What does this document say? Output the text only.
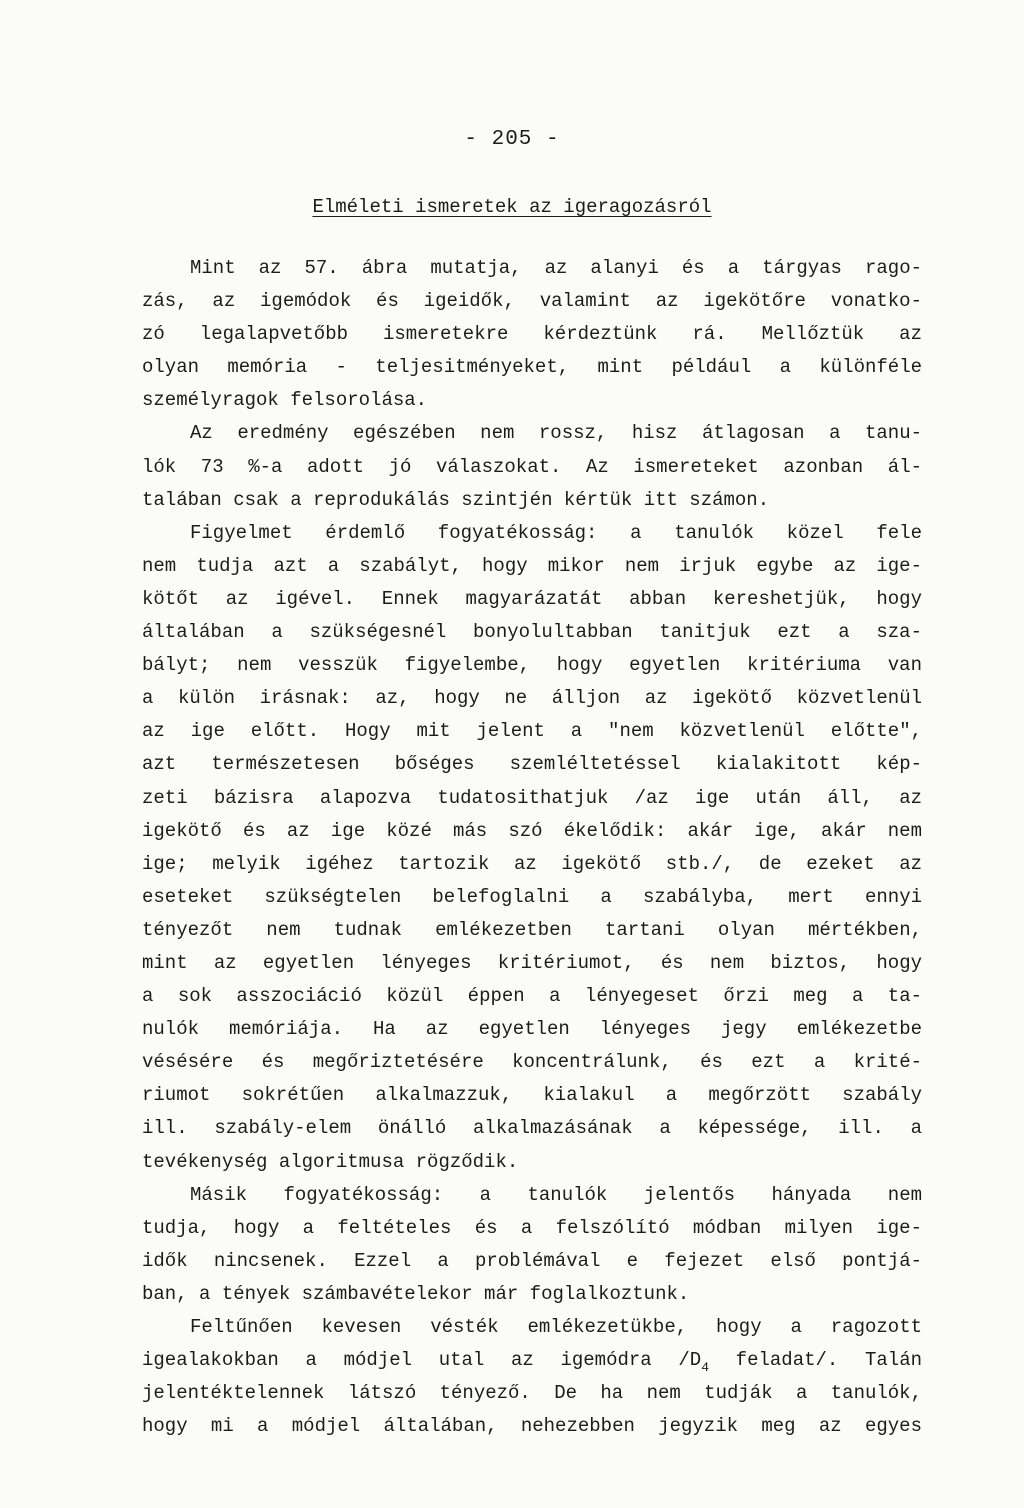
- 205 -
Elméleti ismeretek az igeragozásról
Mint az 57. ábra mutatja, az alanyi és a tárgyas rago-
zás, az igemódok és igeidők, valamint az igekötőre vonatko-
zó legalapvetőbb ismeretekre kérdeztünk rá. Mellőztük az
olyan memória - teljesitményeket, mint például a különféle
személyragok felsorolása.
Az eredmény egészében nem rossz, hisz átlagosan a tanu-
lók 73 %-a adott jó válaszokat. Az ismereteket azonban ál-
talában csak a reprodukálás szintjén kértük itt számon.
Figyelmet érdemlő fogyatékosság: a tanulók közel fele
nem tudja azt a szabályt, hogy mikor nem irjuk egybe az ige-
kötőt az igével. Ennek magyarázatát abban kereshetjük, hogy
általában a szükségesnél bonyolultabban tanitjuk ezt a sza-
bályt; nem vesszük figyelembe, hogy egyetlen kritériuma van
a külön irásnak: az, hogy ne álljon az igekötő közvetlenül
az ige előtt. Hogy mit jelent a "nem közvetlenül előtte",
azt természetesen bőséges szemléltetéssel kialakitott kép-
zeti bázisra alapozva tudatosithatjuk /az ige után áll, az
igekötő és az ige közé más szó ékelődik: akár ige, akár nem
ige; melyik igéhez tartozik az igekötő stb./, de ezeket az
eseteket szükségtelen belefoglalni a szabályba, mert ennyi
tényezőt nem tudnak emlékezetben tartani olyan mértékben,
mint az egyetlen lényeges kritériumot, és nem biztos, hogy
a sok asszociáció közül éppen a lényegeset őrzi meg a ta-
nulók memóriája. Ha az egyetlen lényeges jegy emlékezetbe
vésésére és megőriztetésére koncentrálunk, és ezt a krité-
riumot sokrétűen alkalmazzuk, kialakul a megőrzött szabály
ill. szabály-elem önálló alkalmazásának a képessége, ill. a
tevékenység algoritmusa rögződik.
Másik fogyatékosság: a tanulók jelentős hányada nem
tudja, hogy a feltételes és a felszólító módban milyen ige-
idők nincsenek. Ezzel a problémával e fejezet első pontjá-
ban, a tények számbavételekor már foglalkoztunk.
Feltűnően kevesen vésték emlékezetükbe, hogy a ragozott
igealakokban a módjel utal az igemódra $/D_4$ feladat/. Talán
jelentéktelennek látszó tényező. De ha nem tudják a tanulók,
hogy mi a módjel általában, nehezebben jegyzik meg az egyes
